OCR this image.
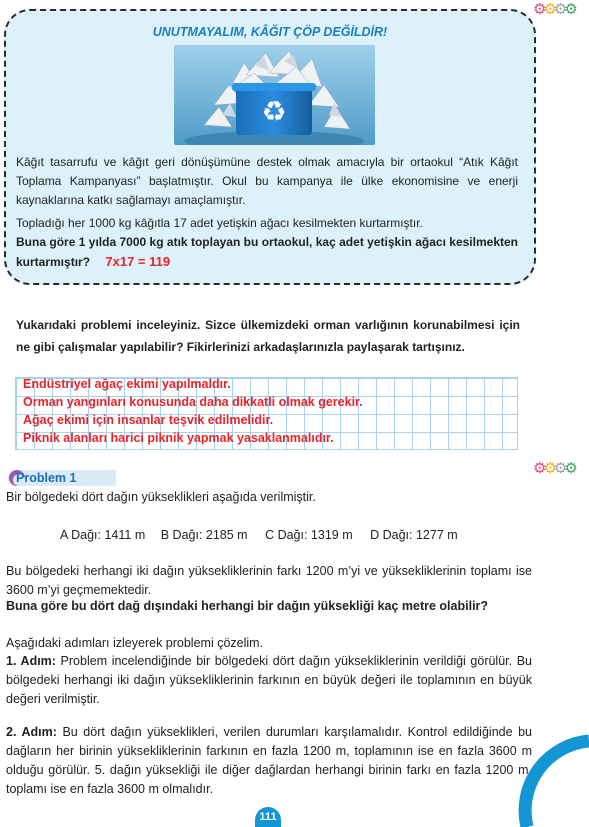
⚙⚙⚙⚙
UNUTMAYALIM, KÂĞIT ÇÖP DEĞİLDİR!
♻
Kâğıt tasarrufu ve kâğıt geri dönüşümüne destek olmak amacıyla bir ortaokul “Atık Kâğıt Toplama Kampanyası” başlatmıştır. Okul bu kampanya ile ülke ekonomisine ve enerji kaynaklarına katkı sağlamayı amaçlamıştır.
Topladığı her 1000 kg kâğıtla 17 adet yetişkin ağacı kesilmekten kurtarmıştır.
Buna göre 1 yılda 7000 kg atık toplayan bu ortaokul, kaç adet yetişkin ağacı kesilmekten kurtarmıştır? 7x17 = 119
Yukarıdaki problemi inceleyiniz. Sizce ülkemizdeki orman varlığının korunabilmesi için ne gibi çalışmalar yapılabilir? Fikirlerinizi arkadaşlarınızla paylaşarak tartışınız.
Endüstriyel ağaç ekimi yapılmaldır.
Orman yangınları konusunda daha dikkatli olmak gerekir.
Ağaç ekimi için insanlar teşvik edilmelidir.
Piknik alanları harici piknik yapmak yasaklanmalıdır.
⚙⚙⚙⚙
Problem 1
Bir bölgedeki dört dağın yükseklikleri aşağıda verilmiştir.
A Dağı: 1411 m B Dağı: 2185 m C Dağı: 1319 m D Dağı: 1277 m
Bu bölgedeki herhangi iki dağın yüksekliklerinin farkı 1200 m’yi ve yüksekliklerinin toplamı ise 3600 m’yi geçmemektedir.
Buna göre bu dört dağ dışındaki herhangi bir dağın yüksekliği kaç metre olabilir?
Aşağıdaki adımları izleyerek problemi çözelim.
1. Adım: Problem incelendiğinde bir bölgedeki dört dağın yüksekliklerinin verildiği görülür. Bu bölgedeki herhangi iki dağın yüksekliklerinin farkının en büyük değeri ile toplamının en büyük değeri verilmiştir.
2. Adım: Bu dört dağın yükseklikleri, verilen durumları karşılamalıdır. Kontrol edildiğinde bu dağların her birinin yüksekliklerinin farkının en fazla 1200 m, toplamının ise en fazla 3600 m olduğu görülür. 5. dağın yüksekliği ile diğer dağlardan herhangi birinin farkı en fazla 1200 m, toplamı ise en fazla 3600 m olmalıdır.
111
